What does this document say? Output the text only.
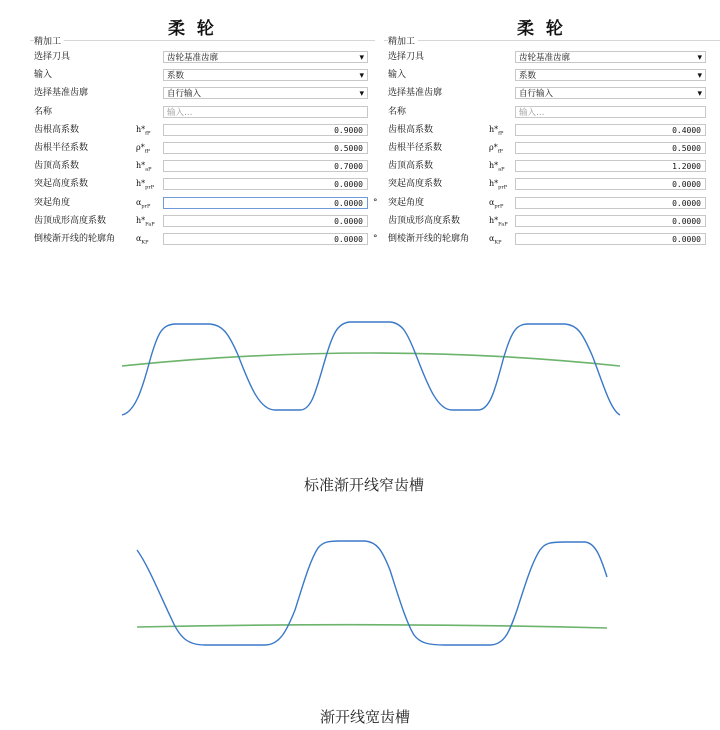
柔 轮
精加工
选择刀具	齿轮基准齿廓 ▾
输入	系数 ▾
选择基准齿廓	自行输入 ▾
名称	输入…
齿根高系数	$h*_{fP}$	0.9000
齿根半径系数	$\rho*_{fP}$	0.5000
齿顶高系数	$h*_{aP}$	0.7000
突起高度系数	$h*_{prP}$	0.0000
突起角度	$\alpha_{prP}$	0.0000	°
齿顶成形高度系数	$h*_{FaP}$	0.0000
倒棱渐开线的轮廓角	$\alpha_{KP}$	0.0000	°
柔 轮
精加工
选择刀具	齿轮基准齿廓 ▾
输入	系数 ▾
选择基准齿廓	自行输入 ▾
名称	输入…
齿根高系数	$h*_{fP}$	0.4000
齿根半径系数	$\rho*_{fP}$	0.5000
齿顶高系数	$h*_{aP}$	1.2000
突起高度系数	$h*_{prP}$	0.0000
突起角度	$\alpha_{prP}$	0.0000
齿顶成形高度系数	$h*_{FaP}$	0.0000
倒棱渐开线的轮廓角 $\alpha_{KP}$	0.0000
标准渐开线窄齿槽
渐开线宽齿槽
